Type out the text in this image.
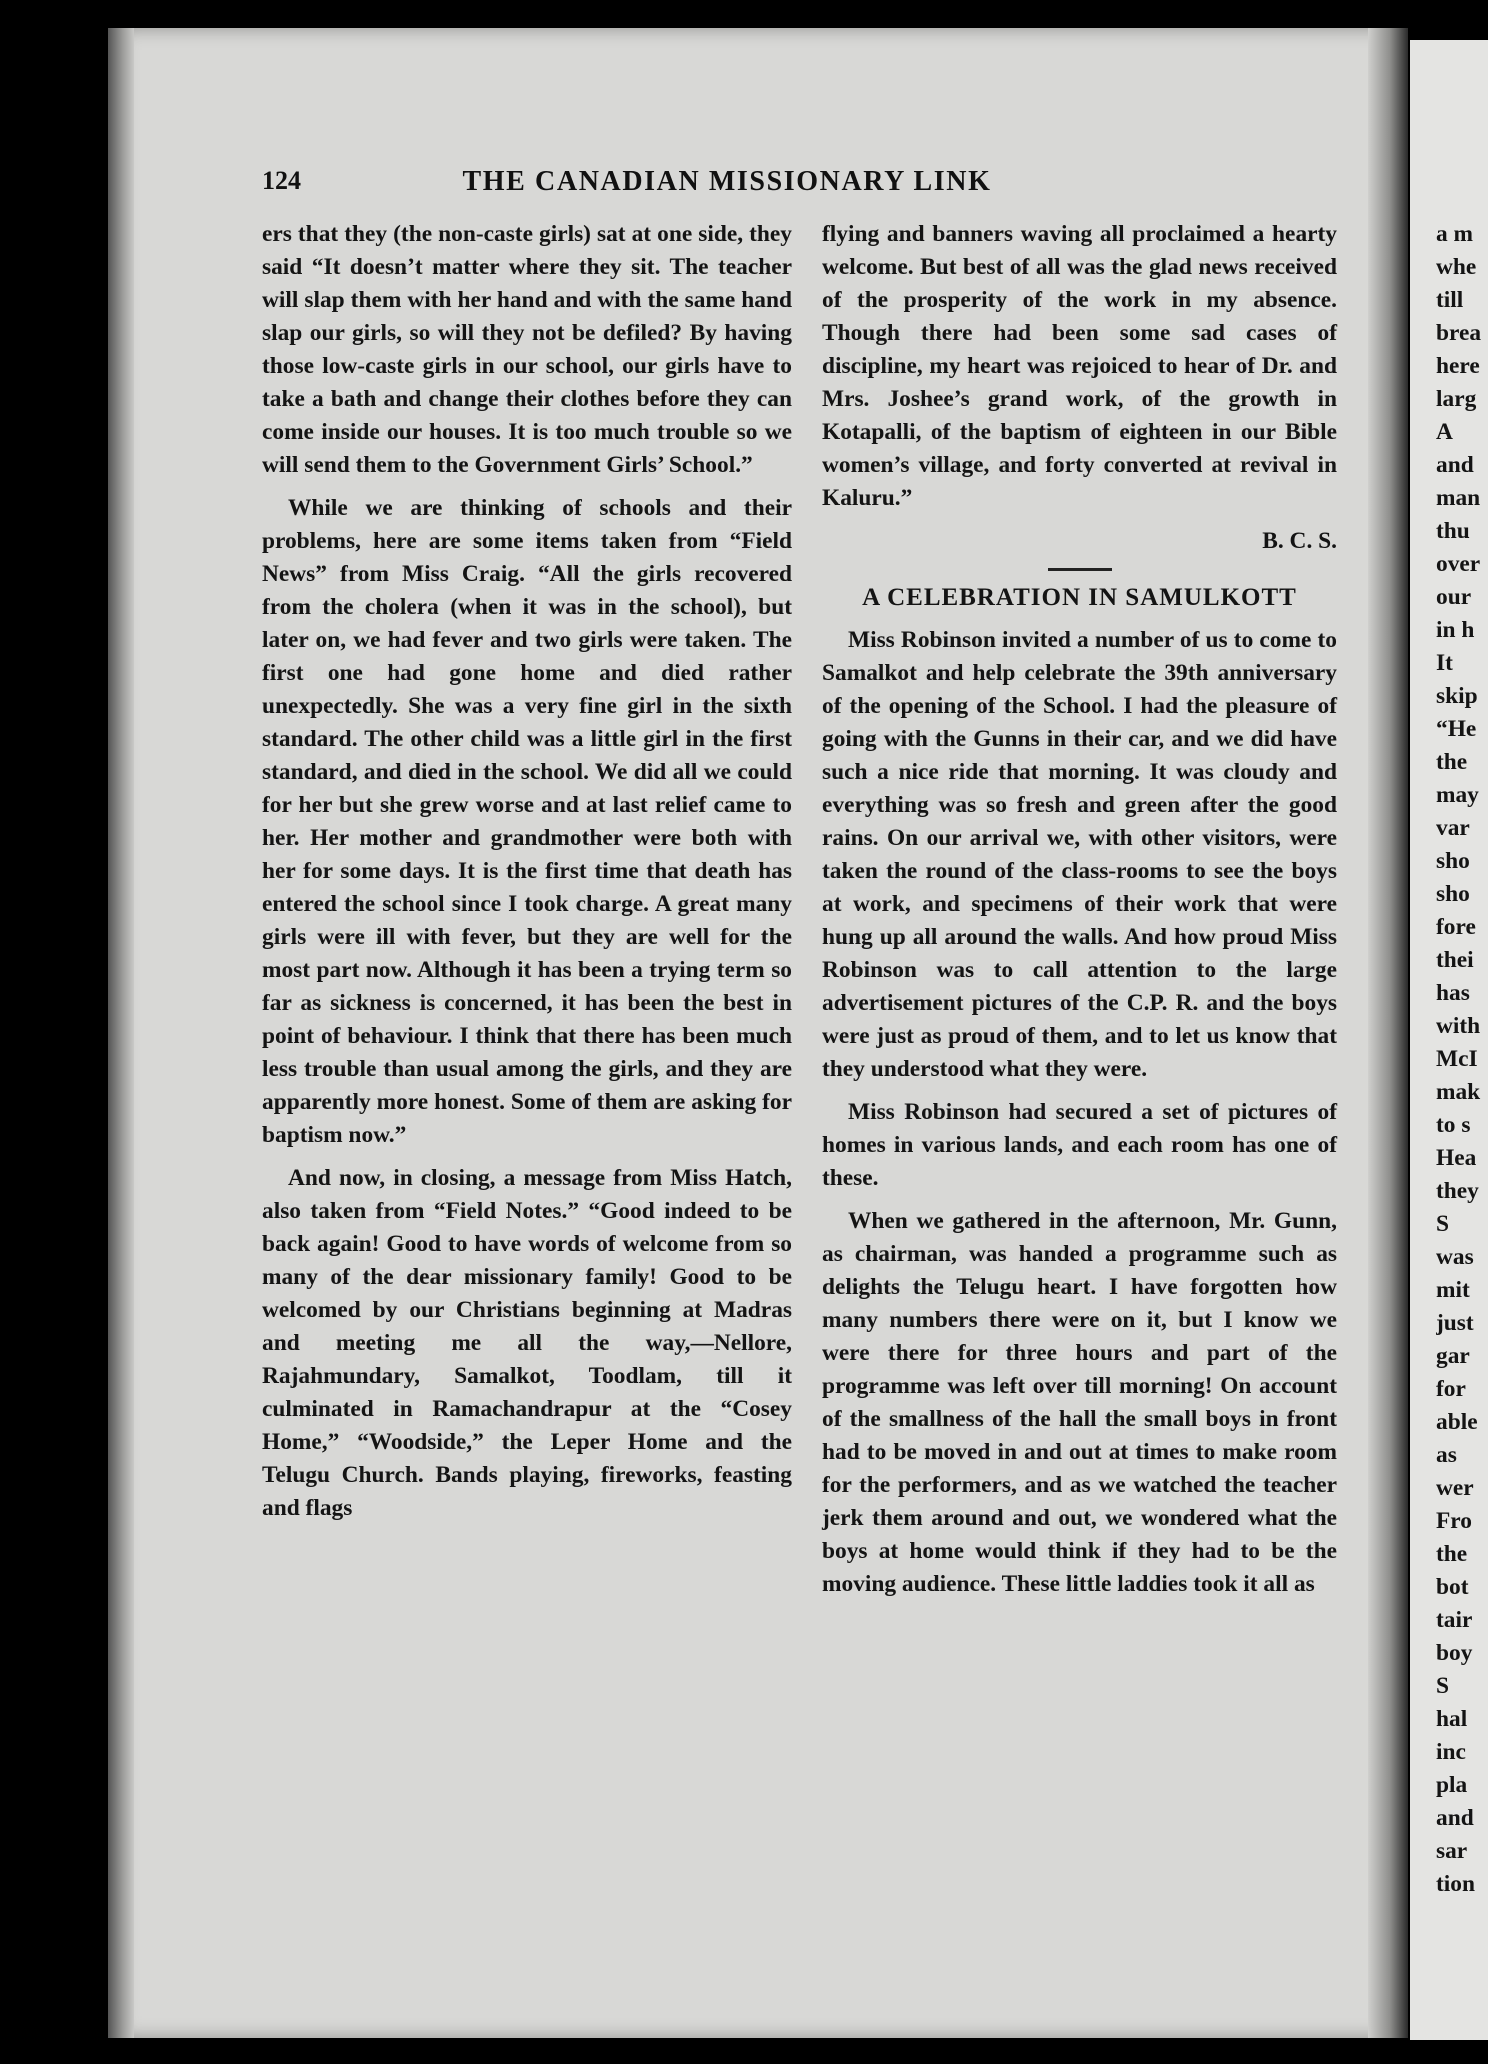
124	THE CANADIAN MISSIONARY LINK

ers that they (the non-caste girls) sat at one side, they said “It doesn’t matter where they sit. The teacher will slap them with her hand and with the same hand slap our girls, so will they not be defiled? By having those low-caste girls in our school, our girls have to take a bath and change their clothes before they can come inside our houses. It is too much trouble so we will send them to the Government Girls’ School.”

While we are thinking of schools and their problems, here are some items taken from “Field News” from Miss Craig. “All the girls recovered from the cholera (when it was in the school), but later on, we had fever and two girls were taken. The first one had gone home and died rather unexpectedly. She was a very fine girl in the sixth standard. The other child was a little girl in the first standard, and died in the school. We did all we could for her but she grew worse and at last relief came to her. Her mother and grandmother were both with her for some days. It is the first time that death has entered the school since I took charge. A great many girls were ill with fever, but they are well for the most part now. Although it has been a trying term so far as sickness is concerned, it has been the best in point of behaviour. I think that there has been much less trouble than usual among the girls, and they are apparently more honest. Some of them are asking for baptism now.”

And now, in closing, a message from Miss Hatch, also taken from “Field Notes.” “Good indeed to be back again! Good to have words of welcome from so many of the dear missionary family! Good to be welcomed by our Christians beginning at Madras and meeting me all the way,—Nellore, Rajahmundary, Samalkot, Toodlam, till it culminated in Ramachandrapur at the “Cosey Home,” “Woodside,” the Leper Home and the Telugu Church. Bands playing, fireworks, feasting and flags

flying and banners waving all proclaimed a hearty welcome. But best of all was the glad news received of the prosperity of the work in my absence. Though there had been some sad cases of discipline, my heart was rejoiced to hear of Dr. and Mrs. Joshee’s grand work, of the growth in Kotapalli, of the baptism of eighteen in our Bible women’s village, and forty converted at revival in Kaluru.”

B. C. S.

A CELEBRATION IN SAMULKOTT

Miss Robinson invited a number of us to come to Samalkot and help celebrate the 39th anniversary of the opening of the School. I had the pleasure of going with the Gunns in their car, and we did have such a nice ride that morning. It was cloudy and everything was so fresh and green after the good rains. On our arrival we, with other visitors, were taken the round of the class-rooms to see the boys at work, and specimens of their work that were hung up all around the walls. And how proud Miss Robinson was to call attention to the large advertisement pictures of the C.P. R. and the boys were just as proud of them, and to let us know that they understood what they were.

Miss Robinson had secured a set of pictures of homes in various lands, and each room has one of these.

When we gathered in the afternoon, Mr. Gunn, as chairman, was handed a programme such as delights the Telugu heart. I have forgotten how many numbers there were on it, but I know we were there for three hours and part of the programme was left over till morning! On account of the smallness of the hall the small boys in front had to be moved in and out at times to make room for the performers, and as we watched the teacher jerk them around and out, we wondered what the boys at home would think if they had to be the moving audience. These little laddies took it all as

a m
whe
till
brea
here
larg
A
and
man
thu
over
our
in h
It
skip
“He
the
may
var
sho
sho
fore
thei
has
with
McI
mak
to s
Hea
they
S
was
mit
just
gar
for
able
as
wer
Fro
the
bot
tair
boy
S
hal
inc
pla
and
sar
tion
